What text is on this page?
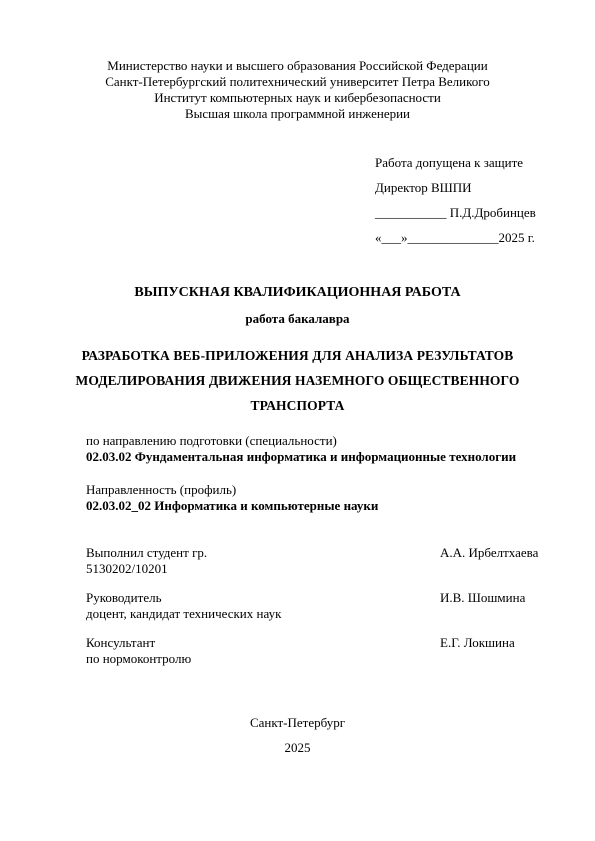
Министерство науки и высшего образования Российской Федерации
Санкт-Петербургский политехнический университет Петра Великого
Институт компьютерных наук и кибербезопасности
Высшая школа программной инженерии
Работа допущена к защите
Директор ВШПИ
___________ П.Д.Дробинцев
«___»______________2025 г.
ВЫПУСКНАЯ КВАЛИФИКАЦИОННАЯ РАБОТА
работа бакалавра
РАЗРАБОТКА ВЕБ-ПРИЛОЖЕНИЯ ДЛЯ АНАЛИЗА РЕЗУЛЬТАТОВ
МОДЕЛИРОВАНИЯ ДВИЖЕНИЯ НАЗЕМНОГО ОБЩЕСТВЕННОГО
ТРАНСПОРТА
по направлению подготовки (специальности)
02.03.02 Фундаментальная информатика и информационные технологии
Направленность (профиль)
02.03.02_02 Информатика и компьютерные науки
Выполнил студент гр.
5130202/10201
А.А. Ирбелтхаева
Руководитель
доцент, кандидат технических наук
И.В. Шошмина
Консультант
по нормоконтролю
Е.Г. Локшина
Санкт-Петербург
2025
